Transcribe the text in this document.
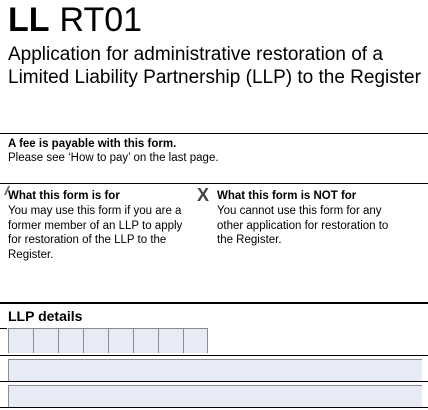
LL RT01
Application for administrative restoration of a
Limited Liability Partnership (LLP) to the Register
A fee is payable with this form.
Please see ‘How to pay’ on the last page.
What this form is for
You may use this form if you are a
former member of an LLP to apply
for restoration of the LLP to the
Register.
X What this form is NOT for
You cannot use this form for any
other application for restoration to
the Register.
LLP details
